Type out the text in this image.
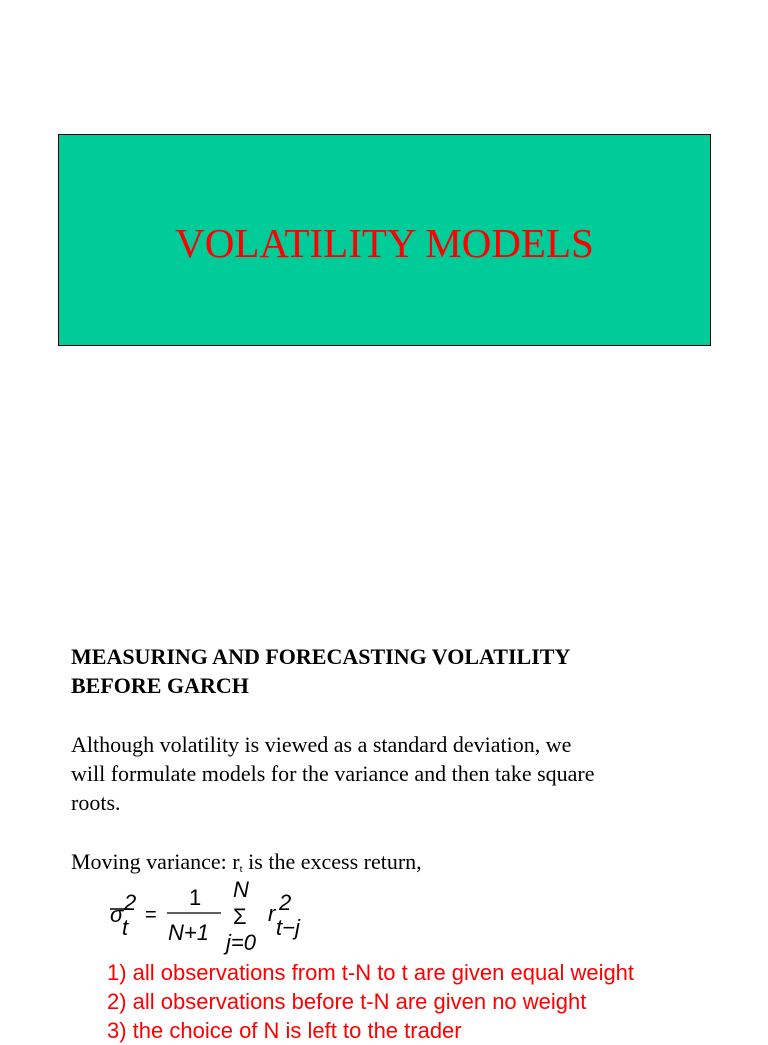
VOLATILITY MODELS
MEASURING AND FORECASTING VOLATILITY
BEFORE GARCH
Although volatility is viewed as a standard deviation, we
will formulate models for the variance and then take square
roots.
Moving variance: $r_t$ is the excess return,
σ 2
t =
1
N+1
N
Σ
j=0
r 2
t−j
1) all observations from t-N to t are given equal weight
2) all observations before t-N are given no weight
3) the choice of N is left to the trader
